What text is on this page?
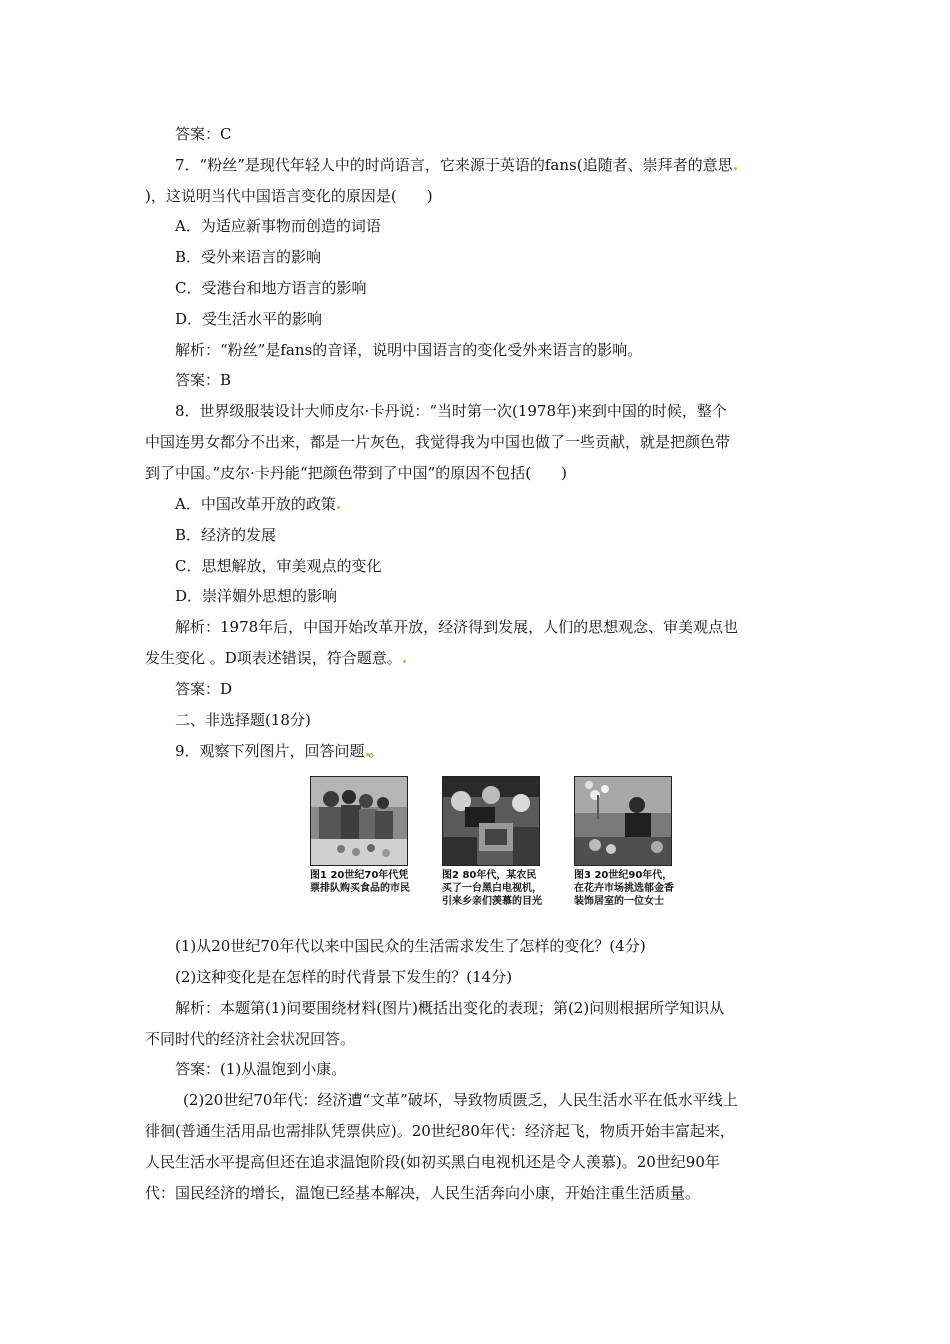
答案：C
7．“粉丝”是现代年轻人中的时尚语言，它来源于英语的fans(追随者、崇拜者的意思
)，这说明当代中国语言变化的原因是(　　)
A．为适应新事物而创造的词语
B．受外来语言的影响
C．受港台和地方语言的影响
D．受生活水平的影响
解析：“粉丝”是fans的音译，说明中国语言的变化受外来语言的影响。
答案：B
8．世界级服装设计大师皮尔·卡丹说：“当时第一次(1978年)来到中国的时候，整个
中国连男女都分不出来，都是一片灰色，我觉得我为中国也做了一些贡献，就是把颜色带
到了中国。”皮尔·卡丹能“把颜色带到了中国”的原因不包括(　　)
A．中国改革开放的政策
B．经济的发展
C．思想解放，审美观点的变化
D．崇洋媚外思想的影响
解析：1978年后，中国开始改革开放，经济得到发展，人们的思想观念、审美观点也
发生变化 。D项表述错误，符合题意。
答案：D
二、非选择题(18分)
9．观察下列图片，回答问题 。
图1 20世纪70年代凭票排队购买食品的市民
图2 80年代，某农民买了一台黑白电视机，引来乡亲们羡慕的目光
图3 20世纪90年代，在花卉市场挑选郁金香装饰居室的一位女士
(1)从20世纪70年代以来中国民众的生活需求发生了怎样的变化？(4分)
(2)这种变化是在怎样的时代背景下发生的？(14分)
解析：本题第(1)问要围绕材料(图片)概括出变化的表现；第(2)问则根据所学知识从
不同时代的经济社会状况回答。
答案：(1)从温饱到小康。
(2)20世纪70年代：经济遭“文革”破坏，导致物质匮乏，人民生活水平在低水平线上
徘徊(普通生活用品也需排队凭票供应)。20世纪80年代：经济起飞，物质开始丰富起来，
人民生活水平提高但还在追求温饱阶段(如初买黑白电视机还是令人羡慕)。20世纪90年
代：国民经济的增长，温饱已经基本解决，人民生活奔向小康，开始注重生活质量。
